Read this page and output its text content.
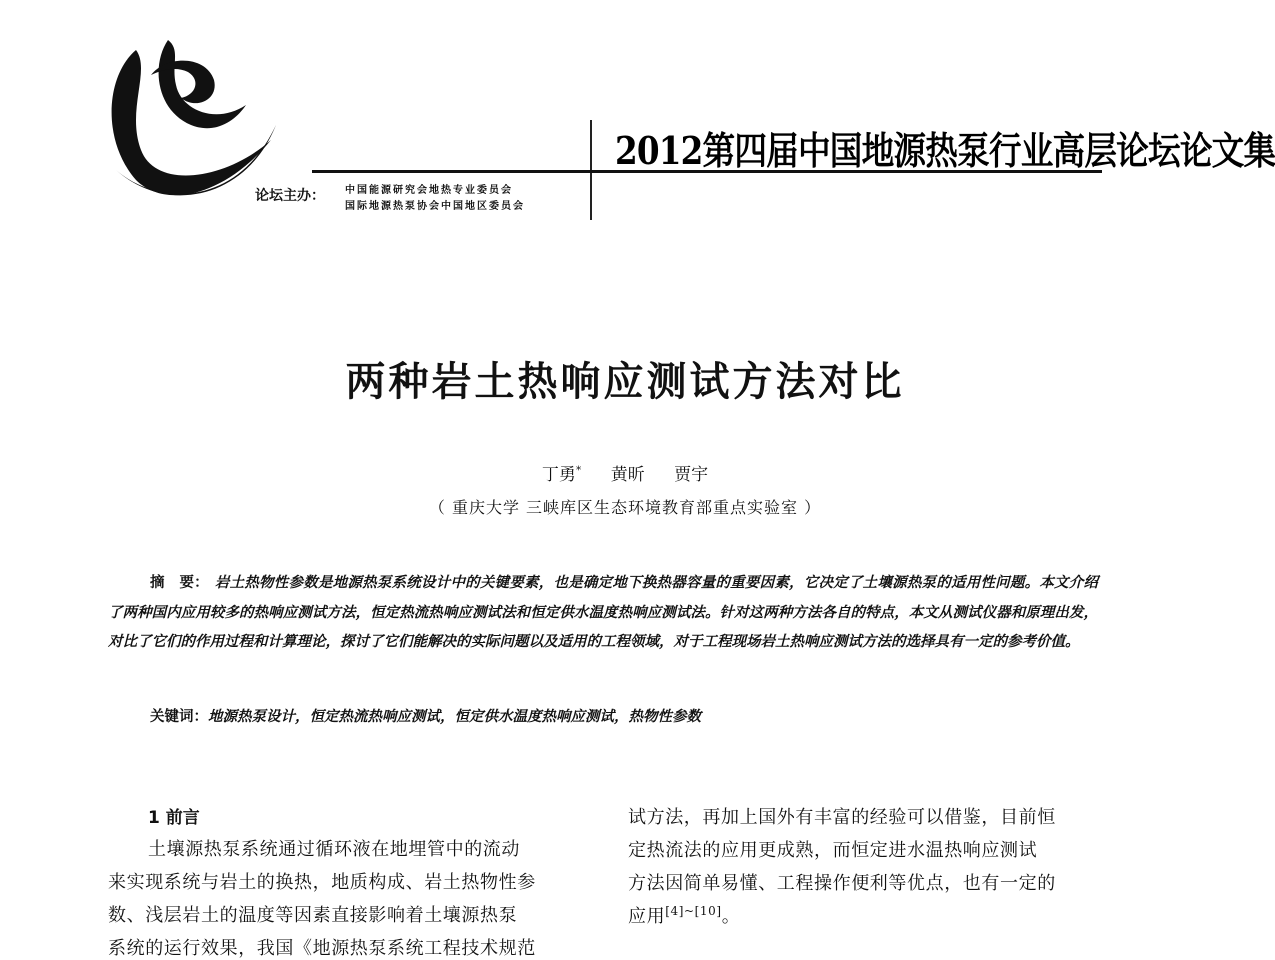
2012第四届中国地源热泵行业高层论坛论文集
论坛主办： 中国能源研究会地热专业委员会
国际地源热泵协会中国地区委员会
两种岩土热响应测试方法对比
丁勇* 黄昕 贾宇
（ 重庆大学 三峡库区生态环境教育部重点实验室 ）
摘　要： 岩土热物性参数是地源热泵系统设计中的关键要素，也是确定地下换热器容量的重要因素，它决定了土壤源热泵的适用性问题。本文介绍了两种国内应用较多的热响应测试方法，恒定热流热响应测试法和恒定供水温度热响应测试法。针对这两种方法各自的特点，本文从测试仪器和原理出发，对比了它们的作用过程和计算理论，探讨了它们能解决的实际问题以及适用的工程领域，对于工程现场岩土热响应测试方法的选择具有一定的参考价值。
关键词：地源热泵设计，恒定热流热响应测试，恒定供水温度热响应测试，热物性参数
1 前言
土壤源热泵系统通过循环液在地埋管中的流动
来实现系统与岩土的换热，地质构成、岩土热物性参
数、浅层岩土的温度等因素直接影响着土壤源热泵
系统的运行效果，我国《地源热泵系统工程技术规范
试方法，再加上国外有丰富的经验可以借鉴，目前恒
定热流法的应用更成熟，而恒定进水温热响应测试
方法因简单易懂、工程操作便利等优点，也有一定的
应用[4]~[10]。
